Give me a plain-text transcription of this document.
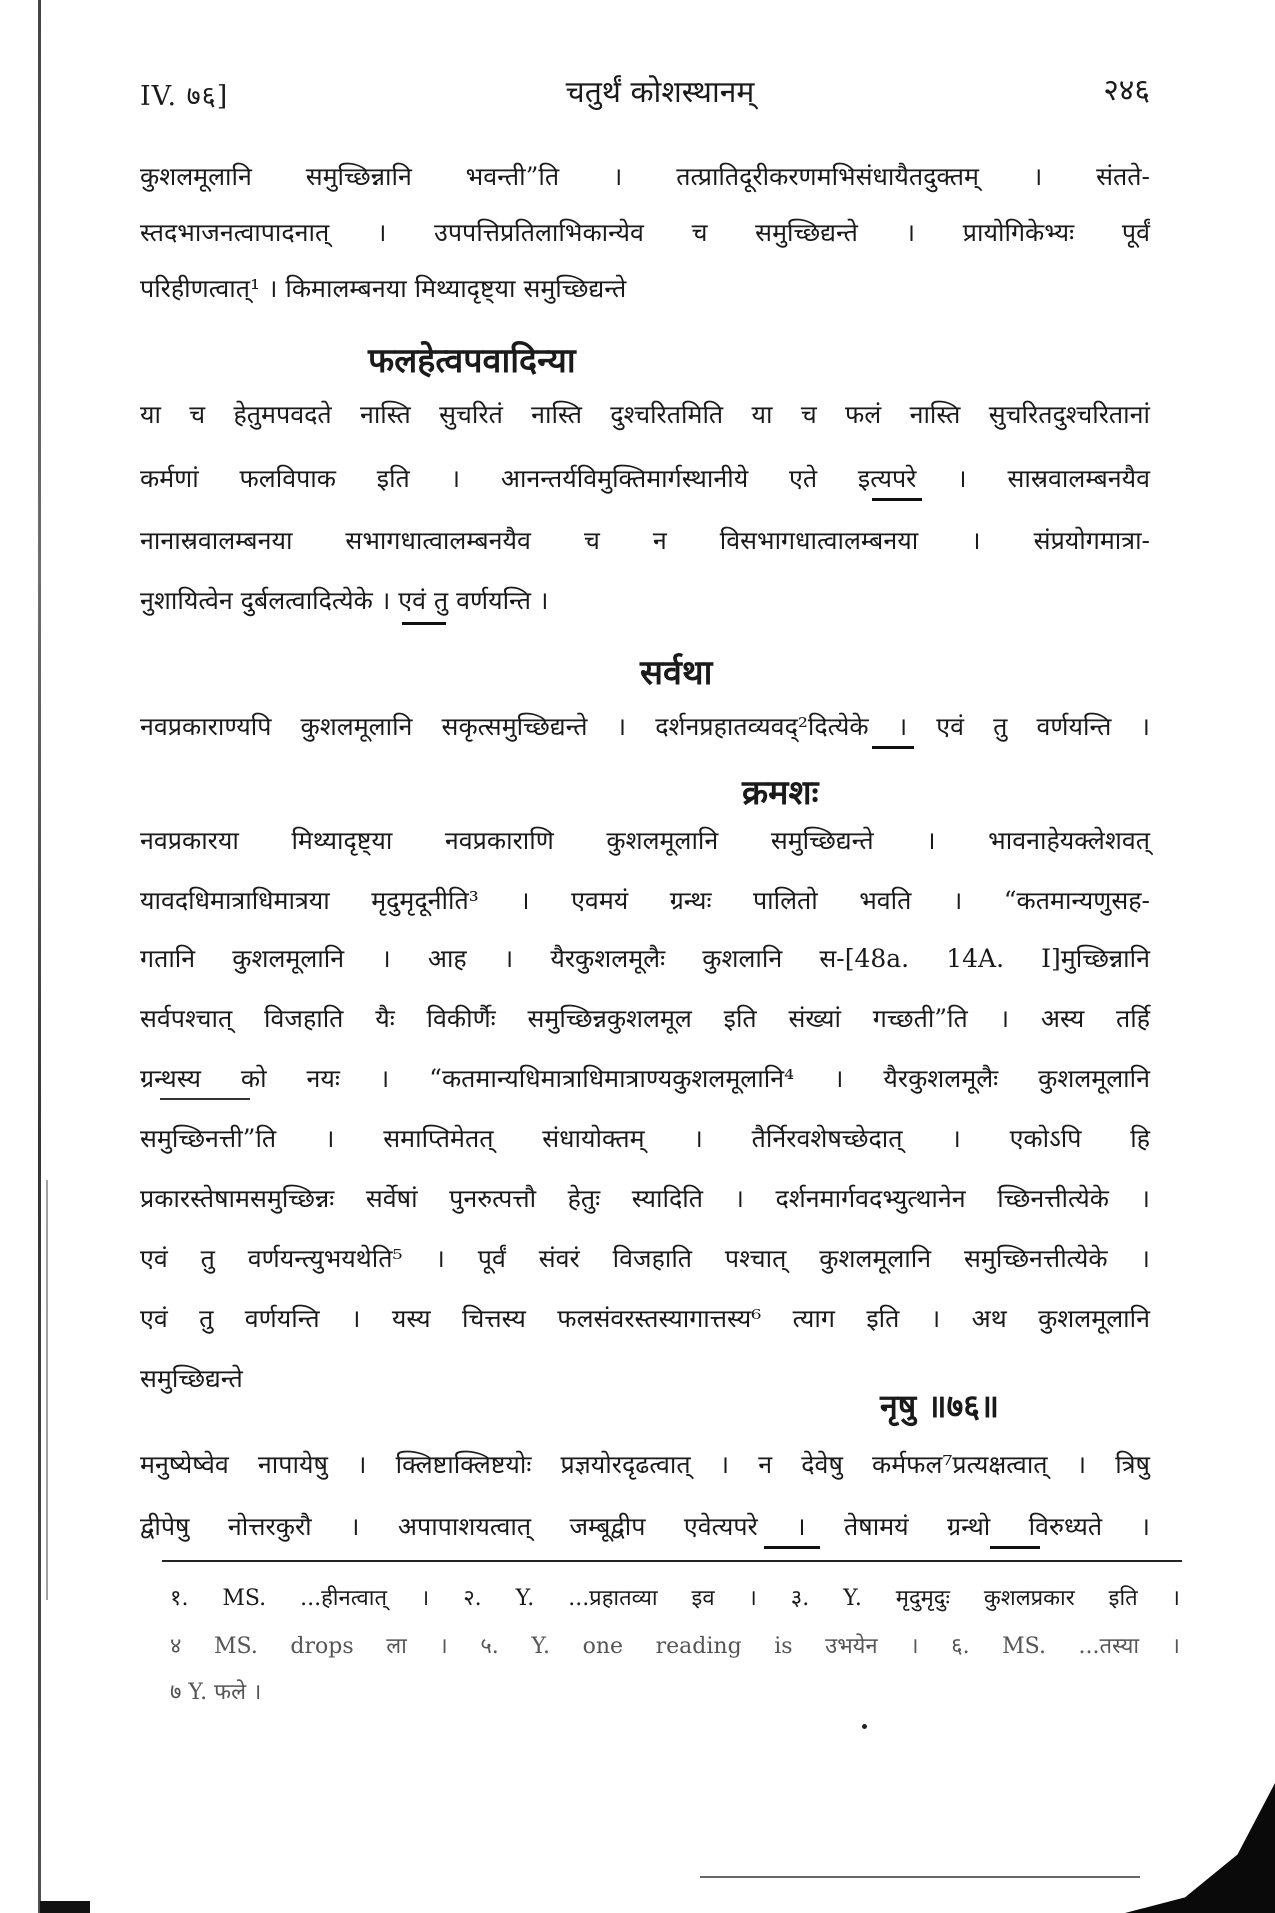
IV. ७६]	चतुर्थं कोशस्थानम्	२४६
कुशलमूलानि समुच्छिन्नानि भवन्ती”ति । तत्प्रातिदूरीकरणमभिसंधायैतदुक्तम् । संतते-
स्तदभाजनत्वापादनात् । उपपत्तिप्रतिलाभिकान्येव च समुच्छिद्यन्ते । प्रायोगिकेभ्यः पूर्वं
परिहीणत्वात्¹ । किमालम्बनया मिथ्यादृष्ट्या समुच्छिद्यन्ते
फलहेत्वपवादिन्या
या च हेतुमपवदते नास्ति सुचरितं नास्ति दुश्चरितमिति या च फलं नास्ति सुचरितदुश्चरितानां
कर्मणां फलविपाक इति । आनन्तर्यविमुक्तिमार्गस्थानीये एते इत्यपरे । सास्रवालम्बनयैव
नानास्रवालम्बनया सभागधात्वालम्बनयैव च न विसभागधात्वालम्बनया । संप्रयोगमात्रा-
नुशायित्वेन दुर्बलत्वादित्येके । एवं तु वर्णयन्ति ।
सर्वथा
नवप्रकाराण्यपि कुशलमूलानि सकृत्समुच्छिद्यन्ते । दर्शनप्रहातव्यवद्²दित्येके । एवं तु वर्णयन्ति ।
क्रमशः
नवप्रकारया मिथ्यादृष्ट्या नवप्रकाराणि कुशलमूलानि समुच्छिद्यन्ते । भावनाहेयक्लेशवत्
यावदधिमात्राधिमात्रया मृदुमृदूनीति³ । एवमयं ग्रन्थः पालितो भवति । “कतमान्यणुसह-
गतानि कुशलमूलानि । आह । यैरकुशलमूलैः कुशलानि स-[48a. 14A. I]मुच्छिन्नानि
सर्वपश्चात् विजहाति यैः विकीर्णैः समुच्छिन्नकुशलमूल इति संख्यां गच्छती”ति । अस्य तर्हि
ग्रन्थस्य को नयः । “कतमान्यधिमात्राधिमात्राण्यकुशलमूलानि⁴ । यैरकुशलमूलैः कुशलमूलानि
समुच्छिनत्ती”ति । समाप्तिमेतत् संधायोक्तम् । तैर्निरवशेषच्छेदात् । एकोऽपि हि
प्रकारस्तेषामसमुच्छिन्नः सर्वेषां पुनरुत्पत्तौ हेतुः स्यादिति । दर्शनमार्गवदभ्युत्थानेन च्छिनत्तीत्येके ।
एवं तु वर्णयन्त्युभयथेति⁵ । पूर्वं संवरं विजहाति पश्चात् कुशलमूलानि समुच्छिनत्तीत्येके ।
एवं तु वर्णयन्ति । यस्य चित्तस्य फलसंवरस्तस्यागात्तस्य⁶ त्याग इति । अथ कुशलमूलानि
समुच्छिद्यन्ते
नृषु ॥७६॥
मनुष्येष्वेव नापायेषु । क्लिष्टाक्लिष्टयोः प्रज्ञयोरदृढत्वात् । न देवेषु कर्मफल⁷प्रत्यक्षत्वात् । त्रिषु
द्वीपेषु नोत्तरकुरौ । अपापाशयत्वात् जम्बूद्वीप एवेत्यपरे । तेषामयं ग्रन्थो विरुध्यते ।
१. MS. ...हीनत्वात् । २. Y. ...प्रहातव्या इव । ३. Y. मृदुमृदुः कुशलप्रकार इति ।
४ MS. drops ला । ५. Y. one reading is उभयेन । ६. MS. ...तस्या ।
७ Y. फले ।
